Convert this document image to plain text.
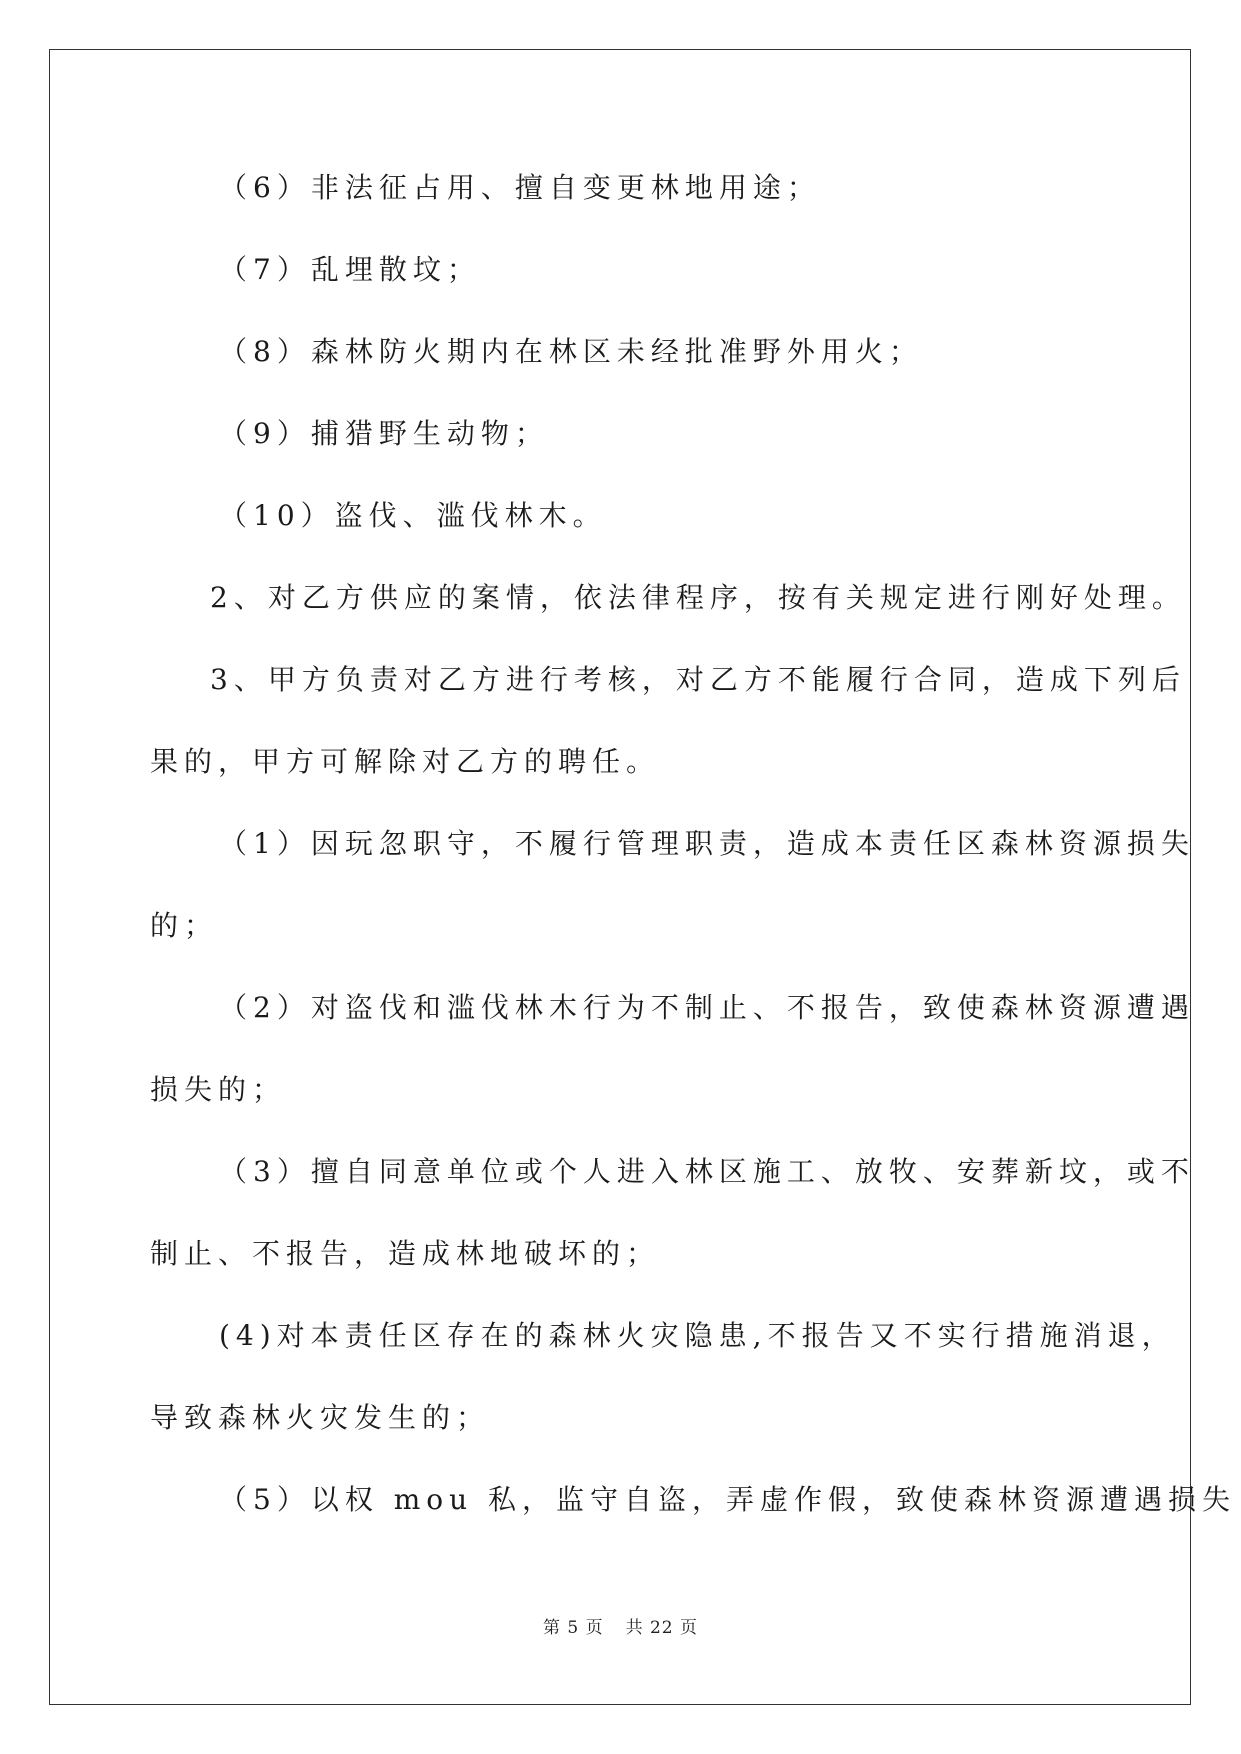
（6）非法征占用、擅自变更林地用途；
（7）乱埋散坟；
（8）森林防火期内在林区未经批准野外用火；
（9）捕猎野生动物；
（10）盗伐、滥伐林木。
2、对乙方供应的案情，依法律程序，按有关规定进行刚好处理。
3、甲方负责对乙方进行考核，对乙方不能履行合同，造成下列后
果的，甲方可解除对乙方的聘任。
（1）因玩忽职守，不履行管理职责，造成本责任区森林资源损失
的；
（2）对盗伐和滥伐林木行为不制止、不报告，致使森林资源遭遇
损失的；
（3）擅自同意单位或个人进入林区施工、放牧、安葬新坟，或不
制止、不报告，造成林地破坏的；
(4)对本责任区存在的森林火灾隐患,不报告又不实行措施消退，
导致森林火灾发生的；
（5）以权 mou 私，监守自盗，弄虚作假，致使森林资源遭遇损失
第 5 页 共 22 页
